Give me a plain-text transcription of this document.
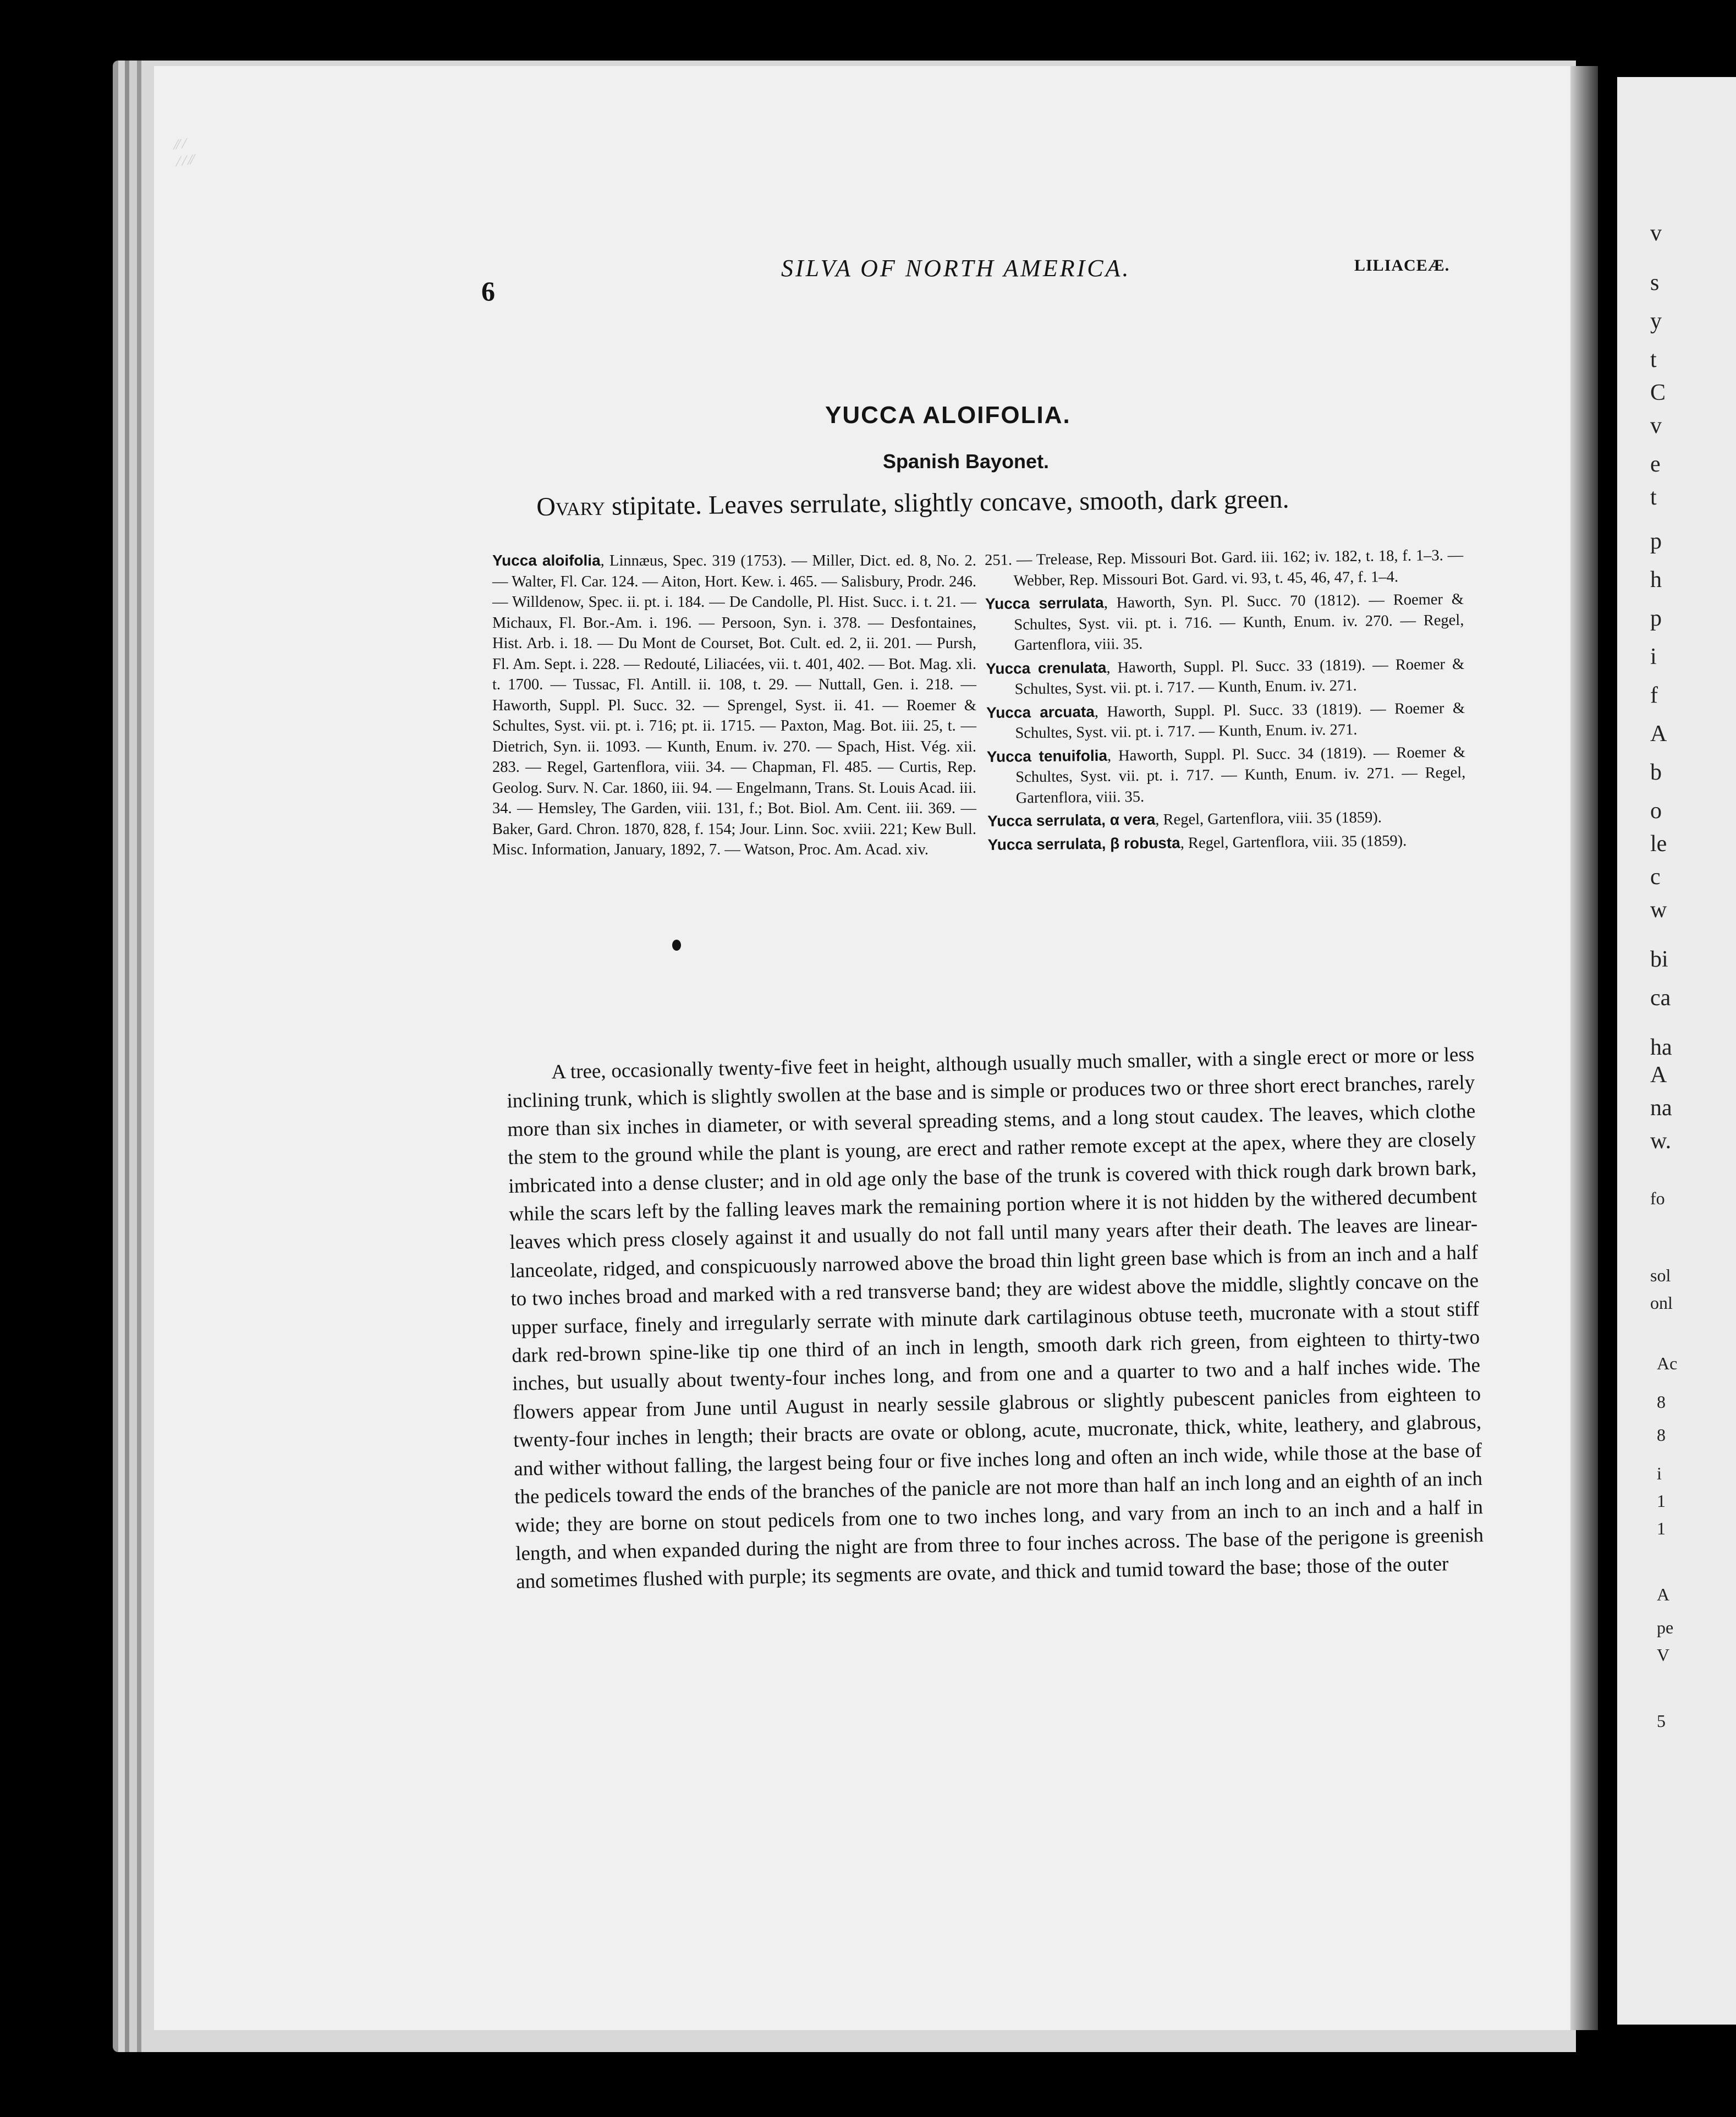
v
s
y
t
C
v
e
t
p
h
p
i
f
A
b
o
le
c
w
bi
ca
ha
A
na
w.
fo
sol
onl
Ac
8
8
i
1
1
A
pe
V
5
⁄⁄ ⁄
⁄ ⁄ ⁄⁄
6
SILVA OF NORTH AMERICA.	LILIACEÆ.
YUCCA ALOIFOLIA.
Spanish Bayonet.
Ovary stipitate. Leaves serrulate, slightly concave, smooth, dark green.

Yucca aloifolia, Linnæus, Spec. 319 (1753). — Miller, Dict. ed. 8, No. 2. — Walter, Fl. Car. 124. — Aiton, Hort. Kew. i. 465. — Salisbury, Prodr. 246. — Willdenow, Spec. ii. pt. i. 184. — De Candolle, Pl. Hist. Succ. i. t. 21. — Michaux, Fl. Bor.-Am. i. 196. — Persoon, Syn. i. 378. — Desfontaines, Hist. Arb. i. 18. — Du Mont de Courset, Bot. Cult. ed. 2, ii. 201. — Pursh, Fl. Am. Sept. i. 228. — Redouté, Liliacées, vii. t. 401, 402. — Bot. Mag. xli. t. 1700. — Tussac, Fl. Antill. ii. 108, t. 29. — Nuttall, Gen. i. 218. — Haworth, Suppl. Pl. Succ. 32. — Sprengel, Syst. ii. 41. — Roemer & Schultes, Syst. vii. pt. i. 716; pt. ii. 1715. — Paxton, Mag. Bot. iii. 25, t. — Dietrich, Syn. ii. 1093. — Kunth, Enum. iv. 270. — Spach, Hist. Vég. xii. 283. — Regel, Gartenflora, viii. 34. — Chapman, Fl. 485. — Curtis, Rep. Geolog. Surv. N. Car. 1860, iii. 94. — Engelmann, Trans. St. Louis Acad. iii. 34. — Hemsley, The Garden, viii. 131, f.; Bot. Biol. Am. Cent. iii. 369. — Baker, Gard. Chron. 1870, 828, f. 154; Jour. Linn. Soc. xviii. 221; Kew Bull. Misc. Information, January, 1892, 7. — Watson, Proc. Am. Acad. xiv.

251. — Trelease, Rep. Missouri Bot. Gard. iii. 162; iv. 182, t. 18, f. 1–3. — Webber, Rep. Missouri Bot. Gard. vi. 93, t. 45, 46, 47, f. 1–4.

Yucca serrulata, Haworth, Syn. Pl. Succ. 70 (1812). — Roemer & Schultes, Syst. vii. pt. i. 716. — Kunth, Enum. iv. 270. — Regel, Gartenflora, viii. 35.

Yucca crenulata, Haworth, Suppl. Pl. Succ. 33 (1819). — Roemer & Schultes, Syst. vii. pt. i. 717. — Kunth, Enum. iv. 271.

Yucca arcuata, Haworth, Suppl. Pl. Succ. 33 (1819). — Roemer & Schultes, Syst. vii. pt. i. 717. — Kunth, Enum. iv. 271.

Yucca tenuifolia, Haworth, Suppl. Pl. Succ. 34 (1819). — Roemer & Schultes, Syst. vii. pt. i. 717. — Kunth, Enum. iv. 271. — Regel, Gartenflora, viii. 35.

Yucca serrulata, α vera, Regel, Gartenflora, viii. 35 (1859).

Yucca serrulata, β robusta, Regel, Gartenflora, viii. 35 (1859).

A tree, occasionally twenty-five feet in height, although usually much smaller, with a single erect or more or less inclining trunk, which is slightly swollen at the base and is simple or produces two or three short erect branches, rarely more than six inches in diameter, or with several spreading stems, and a long stout caudex. The leaves, which clothe the stem to the ground while the plant is young, are erect and rather remote except at the apex, where they are closely imbricated into a dense cluster; and in old age only the base of the trunk is covered with thick rough dark brown bark, while the scars left by the falling leaves mark the remaining portion where it is not hidden by the withered decumbent leaves which press closely against it and usually do not fall until many years after their death. The leaves are linear-lanceolate, ridged, and conspicuously narrowed above the broad thin light green base which is from an inch and a half to two inches broad and marked with a red transverse band; they are widest above the middle, slightly concave on the upper surface, finely and irregularly serrate with minute dark cartilaginous obtuse teeth, mucronate with a stout stiff dark red-brown spine-like tip one third of an inch in length, smooth dark rich green, from eighteen to thirty-two inches, but usually about twenty-four inches long, and from one and a quarter to two and a half inches wide. The flowers appear from June until August in nearly sessile glabrous or slightly pubescent panicles from eighteen to twenty-four inches in length; their bracts are ovate or oblong, acute, mucronate, thick, white, leathery, and glabrous, and wither without falling, the largest being four or five inches long and often an inch wide, while those at the base of the pedicels toward the ends of the branches of the panicle are not more than half an inch long and an eighth of an inch wide; they are borne on stout pedicels from one to two inches long, and vary from an inch to an inch and a half in length, and when expanded during the night are from three to four inches across. The base of the perigone is greenish and sometimes flushed with purple; its segments are ovate, and thick and tumid toward the base; those of the outer
